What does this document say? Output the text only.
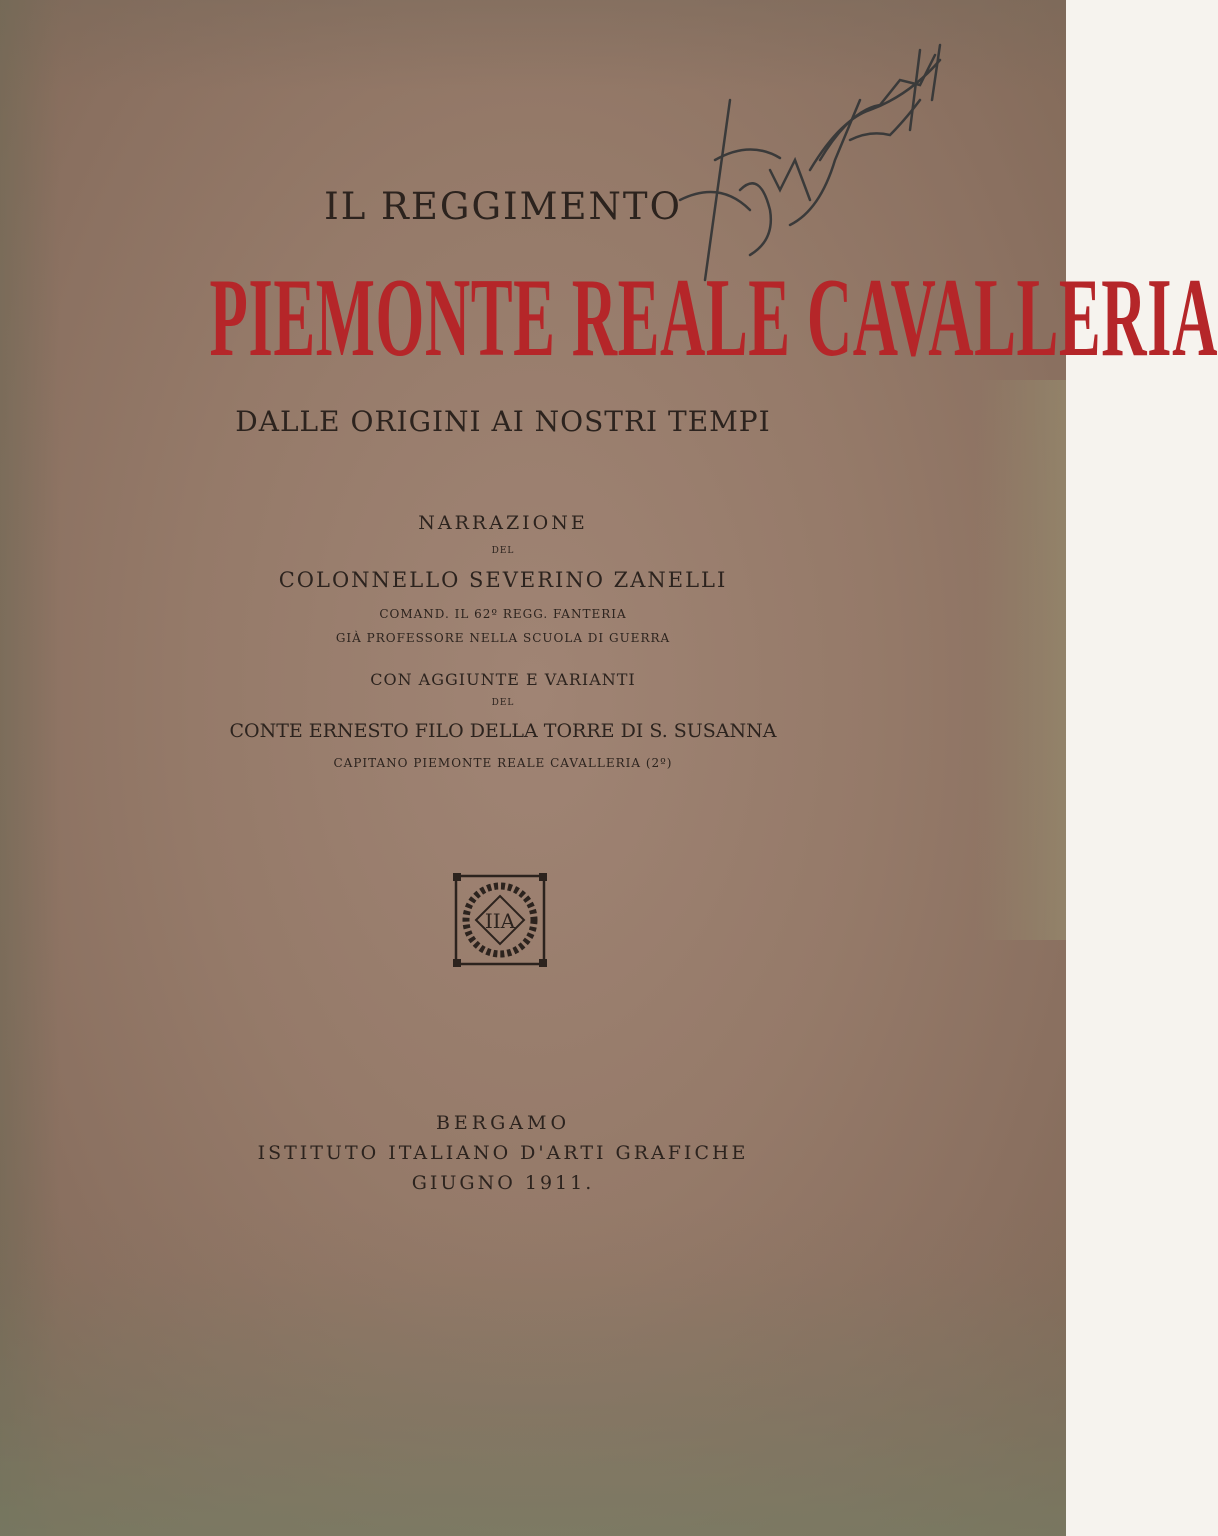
IL REGGIMENTO
PIEMONTE REALE CAVALLERIA
DALLE ORIGINI AI NOSTRI TEMPI
NARRAZIONE
DEL
COLONNELLO SEVERINO ZANELLI
COMAND. IL 62º REGG. FANTERIA
GIÀ PROFESSORE NELLA SCUOLA DI GUERRA
CON AGGIUNTE E VARIANTI
DEL
CONTE ERNESTO FILO DELLA TORRE DI S. SUSANNA
CAPITANO PIEMONTE REALE CAVALLERIA (2º)
IIA
BERGAMO
ISTITUTO ITALIANO D'ARTI GRAFICHE
GIUGNO 1911.
